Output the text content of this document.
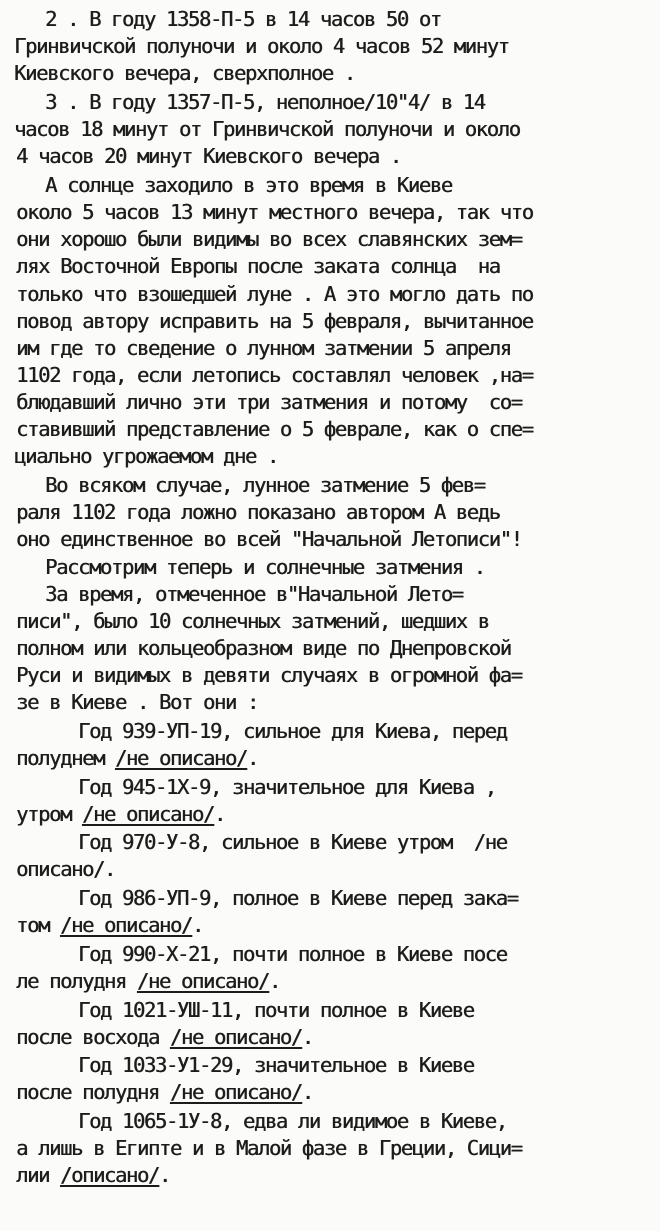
2 . В году 1358-П-5 в 14 часов 50 от
Гринвичской полуночи и около 4 часов 52 минут
Киевского вечера, сверхполное .
3 . В году 1357-П-5, неполное/10"4/ в 14
часов 18 минут от Гринвичской полуночи и около
4 часов 20 минут Киевского вечера .
А солнце заходило в это время в Киеве
около 5 часов 13 минут местного вечера, так что
они хорошо были видимы во всех славянских зем=
лях Восточной Европы после заката солнца  на
только что взошедшей луне . А это могло дать по
повод автору исправить на 5 февраля, вычитанное
им где то сведение о лунном затмении 5 апреля
1102 года, если летопись составлял человек ,на=
блюдавший лично эти три затмения и потому  со=
ставивший представление о 5 феврале, как о спе=
циально угрожаемом дне .
Во всяком случае, лунное затмение 5 фев=
раля 1102 года ложно показано автором А ведь
оно единственное во всей "Начальной Летописи"!
Рассмотрим теперь и солнечные затмения .
За время, отмеченное в"Начальной Лето=
писи", было 10 солнечных затмений, шедших в
полном или кольцеобразном виде по Днепровской
Руси и видимых в девяти случаях в огромной фа=
зе в Киеве . Вот они :
Год 939-УП-19, сильное для Киева, перед
полуднем /не описано/.
Год 945-1Х-9, значительное для Киева ,
утром /не описано/.
Год 970-У-8, сильное в Киеве утром  /не
описано/.
Год 986-УП-9, полное в Киеве перед зака=
том /не описано/.
Год 990-Х-21, почти полное в Киеве посе
ле полудня /не описано/.
Год 1021-УШ-11, почти полное в Киеве
после восхода /не описано/.
Год 1033-У1-29, значительное в Киеве
после полудня /не описано/.
Год 1065-1У-8, едва ли видимое в Киеве,
а лишь в Египте и в Малой фазе в Греции, Сици=
лии /описано/.
